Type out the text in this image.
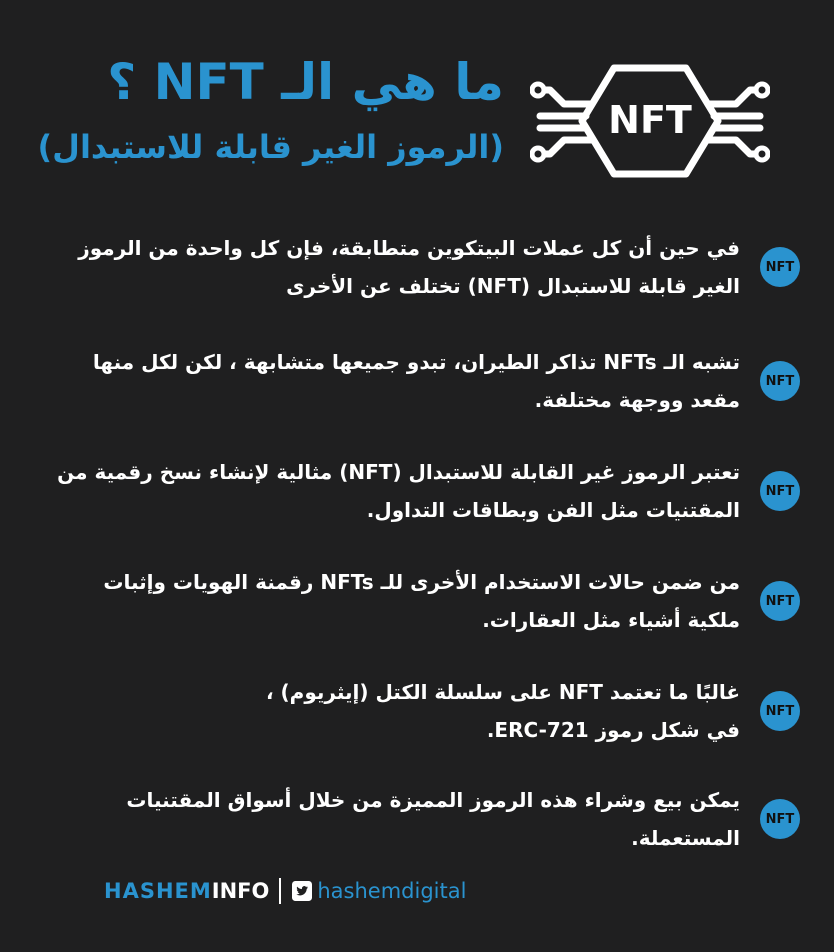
ما هي الـ NFT ؟
(الرموز الغير قابلة للاستبدال)
NFT
NFT
في حين أن كل عملات البيتكوين متطابقة، فإن كل واحدة من الرموز
الغير قابلة للاستبدال (NFT) تختلف عن الأخرى
NFT
تشبه الـ NFTs تذاكر الطيران، تبدو جميعها متشابهة ، لكن لكل منها
مقعد ووجهة مختلفة.
NFT
تعتبر الرموز غير القابلة للاستبدال (NFT) مثالية لإنشاء نسخ رقمية من
المقتنيات مثل الفن وبطاقات التداول.
NFT
من ضمن حالات الاستخدام الأخرى للـ NFTs رقمنة الهويات وإثبات
ملكية أشياء مثل العقارات.
NFT
غالبًا ما تعتمد NFT على سلسلة الكتل (إيثريوم) ،
في شكل رموز ERC-721.
NFT
يمكن بيع وشراء هذه الرموز المميزة من خلال أسواق المقتنيات
المستعملة.
HASHEM INFO hashemdigital
